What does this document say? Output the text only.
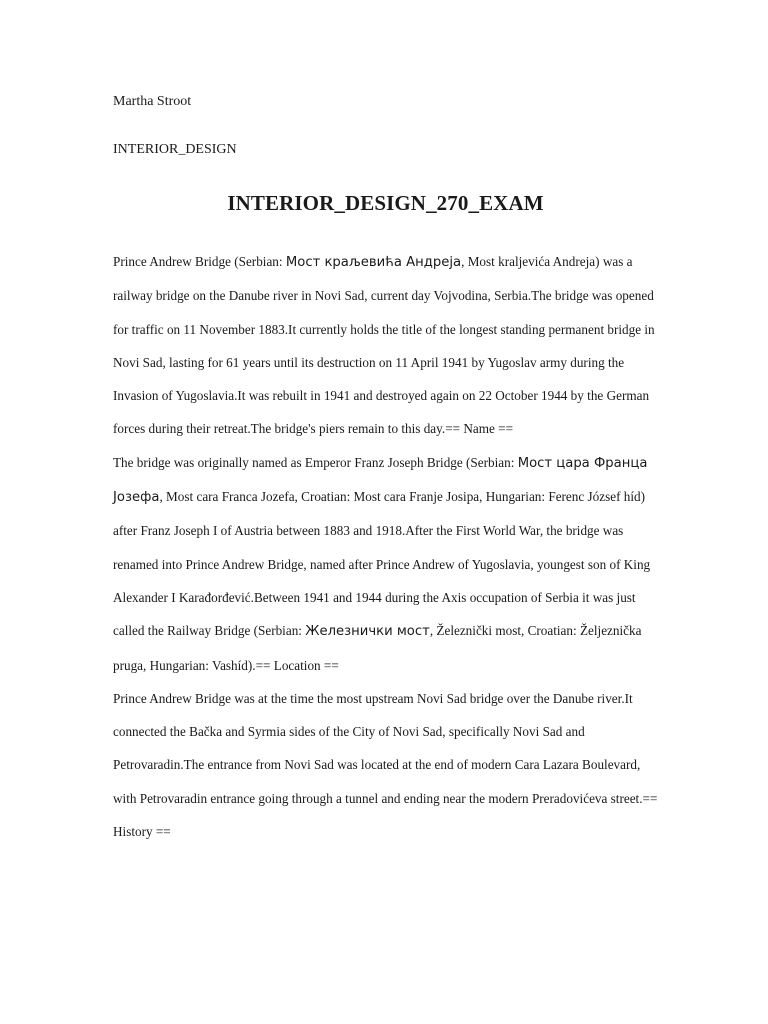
Martha Stroot

INTERIOR_DESIGN

INTERIOR_DESIGN_270_EXAM

Prince Andrew Bridge (Serbian: Мост краљевића Андреја, Most kraljevića Andreja) was a railway bridge on the Danube river in Novi Sad, current day Vojvodina, Serbia.The bridge was opened for traffic on 11 November 1883.It currently holds the title of the longest standing permanent bridge in Novi Sad, lasting for 61 years until its destruction on 11 April 1941 by Yugoslav army during the Invasion of Yugoslavia.It was rebuilt in 1941 and destroyed again on 22 October 1944 by the German forces during their retreat.The bridge's piers remain to this day.== Name ==

The bridge was originally named as Emperor Franz Joseph Bridge (Serbian: Мост цара Франца Јозефа, Most cara Franca Jozefa, Croatian: Most cara Franje Josipa, Hungarian: Ferenc József híd) after Franz Joseph I of Austria between 1883 and 1918.After the First World War, the bridge was renamed into Prince Andrew Bridge, named after Prince Andrew of Yugoslavia, youngest son of King Alexander I Karađorđević.Between 1941 and 1944 during the Axis occupation of Serbia it was just called the Railway Bridge (Serbian: Железнички мост, Železnički most, Croatian: Željeznička pruga, Hungarian: Vashíd).== Location ==

Prince Andrew Bridge was at the time the most upstream Novi Sad bridge over the Danube river.It connected the Bačka and Syrmia sides of the City of Novi Sad, specifically Novi Sad and Petrovaradin.The entrance from Novi Sad was located at the end of modern Cara Lazara Boulevard, with Petrovaradin entrance going through a tunnel and ending near the modern Preradovićeva street.== History ==
